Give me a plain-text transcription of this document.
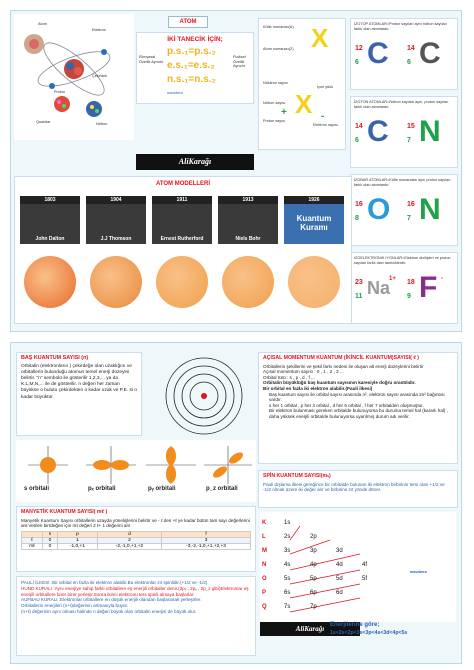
Atom
Elektron
Çekirdek
Proton
Quarklar	Nötron
ATOM
İKİ TANECİK İÇİN;
p.s.₁=p.s.₂
e.s.₁=e.s.₂
n.s.₁=n.s.₂
Elimyasal Özellik Aynıdır.
Fiziksel Özellik Aynıdır.
mavidera
AliKarağı
Kütle numarası(A)
Atom numarası(Z) X
Nükleon sayısı
İyon yükü
X
Nötron sayısı
+
Proton sayısı	-
Elektron sayısı
İZOTOP ATOMLAR=Proton sayıları aynı nötron sayıları farklı olan atomlardır.
12
6 C	14
6 C
İZOTON ATOMLAR=Nötron sayıları aynı, proton sayıları farklı olan atomlardır.
14
6 C	15
7 N
İZOBAR ATOMLAR=Kütle numaraları aynı proton sayıları farklı olan atomlardır.
16
8 O 16
7 N
İZOELEKTRONİK İYONLAR=Elektron dizilişleri ve proton sayıları farklı olan taneciklerdir.
23
11 Na
1+ 18
9 F -
ATOM MODELLERİ
1803
John Dalton
1904
J.J Thomson
1911
Ernest Rutherford
1913
Niels Bohr
1926
Kuantum Kuramı
BAŞ KUANTUM SAYISI (n)
Orbitalin (elektronların ) çekirdeğe olan uzaklığını ve orbitallerin bulunduğu atomun temel enerji düzeyini belirtir. "n" sembolü ile gösterilir 1,2,3,... ya da K,L,M,N,... ile de gösterilir. n değeri her zaman büyükse o bulutu çekirdekten o kadar uzak ve P.E. si o kadar büyüktür.
AÇISAL MOMENTUM KUANTUM (İKİNCİL KUANTUM)SAYISI( ℓ )
Orbitallerin şekillerini ve şekil farkı nedeni ile oluşan alt enerji düzeylerini belirtir
Açısal momentum sayısı : 0 , 1 , 2 , 3 ...
Orbital türü : s , p , d , f ...
Orbitalin büyüklüğü baş kuantum sayısının karesiyle doğru orantılıdır.
Bir orbital en fazla iki elektron alabilir.(Pauli ilkesi)
Baş kuantum sayısı ile orbital sayısı arasında n², elektron sayısı arasında 2n² bağıntısı vardır.
s her 1 orbital , p her 3 orbital , d her 5 orbital , f her 7 orbitalden oluşmuştur.
Bir elektron bulunması gereken orbitalde bulunuyorsa bu duruma temel hal (kararlı hal) , daha yüksek enerjili orbitalde bulunuyorsa uyarılmış durum adı verilir.
s orbitali	pₓ orbitali	pᵧ orbitali	p_z orbitali
SPİN KUANTUM SAYISI(mₛ)
Pauli dışlama ilkesi gereğince bir orbitalde bulunan iki elektron birbirinin tersi olan +1/2 ve -1/2 olmak üzere iki değer alır ve birbirine zıt yönde döner.
MANYETİK KUANTUM SAYISI( mℓ )
Manyetik Kuantum Sayısı orbitallerin uzayda yönelişlerini belirtir ve - ℓ den +ℓ ye kadar bütün tam sayı değerlerini alır.Verilen birℓdeğeri için mℓ değeri 2 ℓ+ 1 değerini alır
	s	p	d	f
ℓ	0	1	2	3
mℓ	0	-1,0,+1	-2,-1,0,+1,+2	-3,-2,-1,0,+1,+2,+3
PAULİ İLKESİ :Bir orbital en fazla iki elektron alabilir.Bu elektronlar zıt spinlidir.(+1/2 ve -1/2)
HUND KURALI :Aynı enerjiye sahip farklı orbitallere eş enerjili orbitaller denir.(2pₓ , 2pᵧ , 2p_z gibi)Elektronlar eş enerjili orbitallere birer birer yerleşir.Sonra ikinci elektronu ters spinli almaya başlarlar.
AUFBAU KURALI :Elektronlar orbitallere en düşük enerjili olandan başlanarak yerleşirler.
Orbitallerin enerjileri (n+ℓ)değerinin artmasıyla büyür.
(n+ℓ) değerinin aynı olması halinde n değeri büyük olan orbitalin enerjisi de büyük olur.
K	1s
L	2s	2p
M	3s	3p	3d
N	4s	4p	4d	4f
O	5s	5p	5d	5f
P	6s	6p	6d
Q	7s	7p
mavidera
AliKarağı Enerjilerine göre;
1s<2s<2p<3s<3p<4s<3d<4p<5s
